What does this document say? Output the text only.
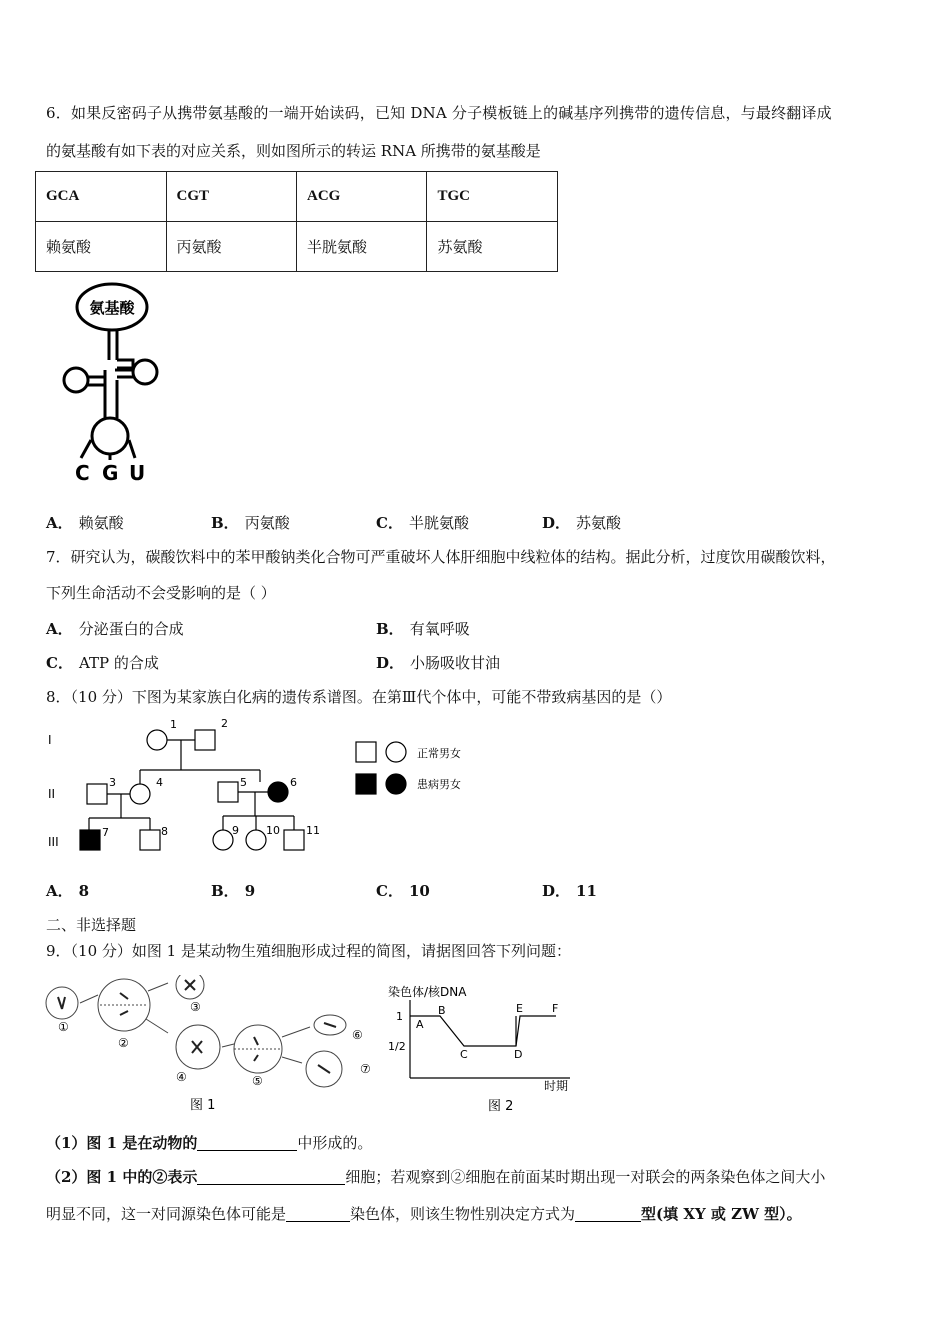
6．如果反密码子从携带氨基酸的一端开始读码，已知 DNA 分子模板链上的碱基序列携带的遗传信息，与最终翻译成
的氨基酸有如下表的对应关系，则如图所示的转运 RNA 所携带的氨基酸是
GCA	CGT	ACG	TGC
赖氨酸	丙氨酸	半胱氨酸	苏氨酸
氨基酸
C G U
A． 赖氨酸	B． 丙氨酸	C． 半胱氨酸	D． 苏氨酸
7．研究认为，碳酸饮料中的苯甲酸钠类化合物可严重破坏人体肝细胞中线粒体的结构。据此分析，过度饮用碳酸饮料，
下列生命活动不会受影响的是（ ）
A． 分泌蛋白的合成	B． 有氧呼吸
C． ATP 的合成	D． 小肠吸收甘油
8．（10 分）下图为某家族白化病的遗传系谱图。在第Ⅲ代个体中，可能不带致病基因的是（）
I
II
III
1	2
3	4	5	6
7	8	9 10 11
正常男女
患病男女
A． 8	B． 9	C． 10	D． 11
二、非选择题
9．（10 分）如图 1 是某动物生殖细胞形成过程的简图，请据图回答下列问题：
①
②
③
④	⑤
⑥
⑦
图 1
染色体/核DNA
1
1/2
A
B
C	D
E	F
时期
图 2
（1）图 1 是在动物的	中形成的。
（2）图 1 中的②表示	细胞；若观察到②细胞在前面某时期出现一对联会的两条染色体之间大小
明显不同，这一对同源染色体可能是	染色体，则该生物性别决定方式为	型(填 XY 或 ZW 型）。
